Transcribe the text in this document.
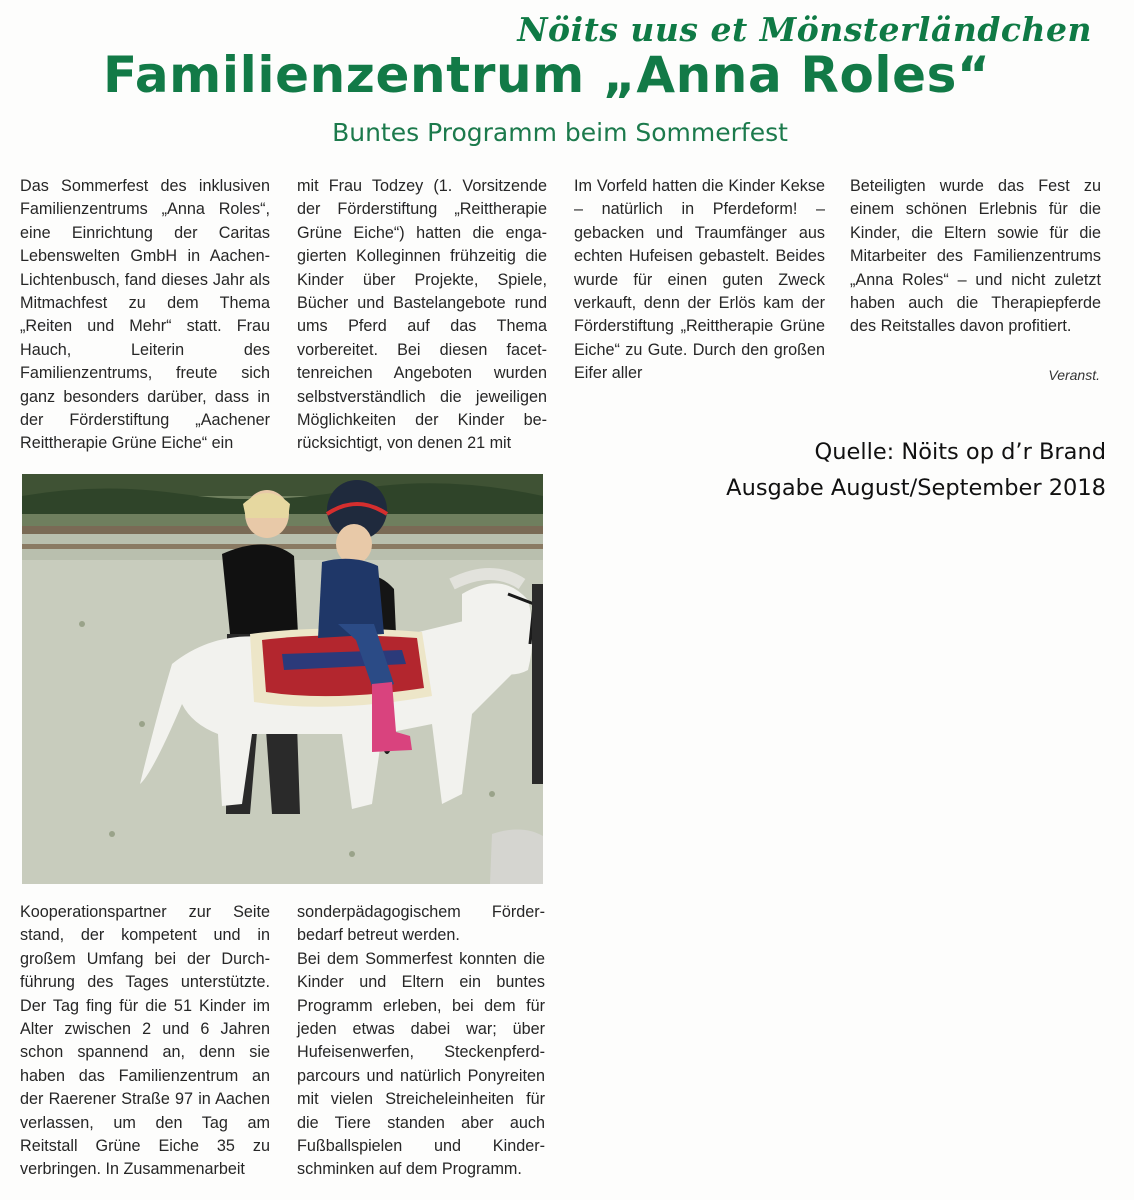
Nöits uus et Mönsterländchen
Familienzentrum „Anna Roles“
Buntes Programm beim Sommerfest

Das Sommerfest des inklusiven Familienzentrums „Anna Roles“, eine Einrichtung der Caritas Lebenswelten GmbH in Aachen-Lichtenbusch, fand dieses Jahr als Mitmachfest zu dem Thema „Reiten und Mehr“ statt. Frau Hauch, Leiterin des Familienzentrums, freute sich ganz besonders darüber, dass in der Förderstiftung „Aachener Reittherapie Grüne Eiche“ ein

mit Frau Todzey (1. Vorsitzende der Förderstiftung „Reittherapie Grüne Eiche“) hatten die engagierten Kolleginnen frühzeitig die Kinder über Projekte, Spiele, Bücher und Bastelangebote rund ums Pferd auf das Thema vorbereitet. Bei diesen facettenreichen Angeboten wurden selbstverständlich die jeweiligen Möglichkeiten der Kinder berücksichtigt, von denen 21 mit

Im Vorfeld hatten die Kinder Kekse – natürlich in Pferdeform! – gebacken und Traumfänger aus echten Hufeisen gebastelt. Beides wurde für einen guten Zweck verkauft, denn der Erlös kam der Förderstiftung „Reittherapie Grüne Eiche“ zu Gute. Durch den großen Eifer aller

Beteiligten wurde das Fest zu einem schönen Erlebnis für die Kinder, die Eltern sowie für die Mitarbeiter des Familienzentrums „Anna Roles“ – und nicht zuletzt haben auch die Therapiepferde des Reitstalles davon profitiert.

Veranst.
Quelle: Nöits op d’r Brand
Ausgabe August/September 2018

Kooperationspartner zur Seite stand, der kompetent und in großem Umfang bei der Durchführung des Tages unterstützte. Der Tag fing für die 51 Kinder im Alter zwischen 2 und 6 Jahren schon spannend an, denn sie haben das Familienzentrum an der Raerener Straße 97 in Aachen verlassen, um den Tag am Reitstall Grüne Eiche 35 zu verbringen. In Zusammenarbeit

sonderpädagogischem Förderbedarf betreut werden.

Bei dem Sommerfest konnten die Kinder und Eltern ein buntes Programm erleben, bei dem für jeden etwas dabei war; über Hufeisenwerfen, Steckenpferdparcours und natürlich Ponyreiten mit vielen Streicheleinheiten für die Tiere standen aber auch Fußballspielen und Kinderschminken auf dem Programm.
